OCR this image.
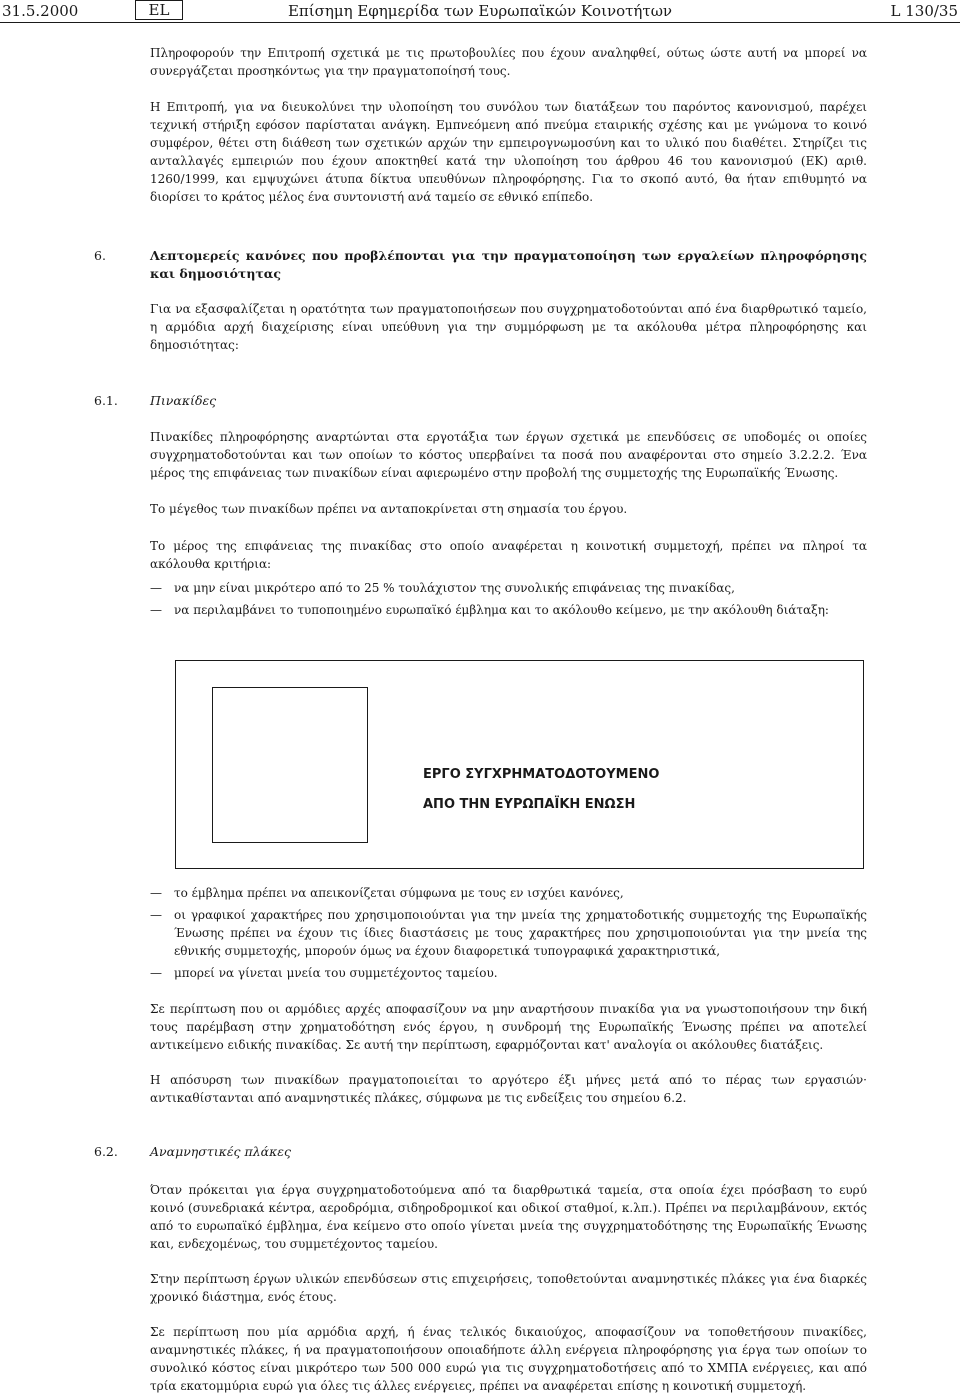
31.5.2000	EL	Επίσημη Εφημερίδα των Ευρωπαϊκών Κοινοτήτων	L 130/35

Πληροφορούν την Επιτροπή σχετικά με τις πρωτοβουλίες που έχουν αναληφθεί, ούτως ώστε αυτή να μπορεί να συνεργάζεται προσηκόντως για την πραγματοποίησή τους.

Η Επιτροπή, για να διευκολύνει την υλοποίηση του συνόλου των διατάξεων του παρόντος κανονισμού, παρέχει τεχνική στήριξη εφόσον παρίσταται ανάγκη. Εμπνεόμενη από πνεύμα εταιρικής σχέσης και με γνώμονα το κοινό συμφέρον, θέτει στη διάθεση των σχετικών αρχών την εμπειρογνωμοσύνη και το υλικό που διαθέτει. Στηρίζει τις ανταλλαγές εμπειριών που έχουν αποκτηθεί κατά την υλοποίηση του άρθρου 46 του κανονισμού (ΕΚ) αριθ. 1260/1999, και εμψυχώνει άτυπα δίκτυα υπευθύνων πληροφόρησης. Για το σκοπό αυτό, θα ήταν επιθυμητό να διορίσει το κράτος μέλος ένα συντονιστή ανά ταμείο σε εθνικό επίπεδο.

6.	Λεπτομερείς κανόνες που προβλέπονται για την πραγματοποίηση των εργαλείων πληροφόρησης και δημοσιότητας

Για να εξασφαλίζεται η ορατότητα των πραγματοποιήσεων που συγχρηματοδοτούνται από ένα διαρθρωτικό ταμείο, η αρμόδια αρχή διαχείρισης είναι υπεύθυνη για την συμμόρφωση με τα ακόλουθα μέτρα πληροφόρησης και δημοσιότητας:

6.1.	Πινακίδες

Πινακίδες πληροφόρησης αναρτώνται στα εργοτάξια των έργων σχετικά με επενδύσεις σε υποδομές οι οποίες συγχρηματοδοτούνται και των οποίων το κόστος υπερβαίνει τα ποσά που αναφέρονται στο σημείο 3.2.2.2. Ένα μέρος της επιφάνειας των πινακίδων είναι αφιερωμένο στην προβολή της συμμετοχής της Ευρωπαϊκής Ένωσης.

Το μέγεθος των πινακίδων πρέπει να ανταποκρίνεται στη σημασία του έργου.

Το μέρος της επιφάνειας της πινακίδας στο οποίο αναφέρεται η κοινοτική συμμετοχή, πρέπει να πληροί τα ακόλουθα κριτήρια:

—	να μην είναι μικρότερο από το 25 % τουλάχιστον της συνολικής επιφάνειας της πινακίδας,
—	να περιλαμβάνει το τυποποιημένο ευρωπαϊκό έμβλημα και το ακόλουθο κείμενο, με την ακόλουθη διάταξη:
ΕΡΓΟ ΣΥΓΧΡΗΜΑΤΟΔΟΤΟΥΜΕΝΟ
ΑΠΟ ΤΗΝ ΕΥΡΩΠΑΪΚΗ ΕΝΩΣΗ
—	το έμβλημα πρέπει να απεικονίζεται σύμφωνα με τους εν ισχύει κανόνες,
—	οι γραφικοί χαρακτήρες που χρησιμοποιούνται για την μνεία της χρηματοδοτικής συμμετοχής της Ευρωπαϊκής Ένωσης πρέπει να έχουν τις ίδιες διαστάσεις με τους χαρακτήρες που χρησιμοποιούνται για την μνεία της εθνικής συμμετοχής, μπορούν όμως να έχουν διαφορετικά τυπογραφικά χαρακτηριστικά,
—	μπορεί να γίνεται μνεία του συμμετέχοντος ταμείου.

Σε περίπτωση που οι αρμόδιες αρχές αποφασίζουν να μην αναρτήσουν πινακίδα για να γνωστοποιήσουν την δική τους παρέμβαση στην χρηματοδότηση ενός έργου, η συνδρομή της Ευρωπαϊκής Ένωσης πρέπει να αποτελεί αντικείμενο ειδικής πινακίδας. Σε αυτή την περίπτωση, εφαρμόζονται κατ' αναλογία οι ακόλουθες διατάξεις.

Η απόσυρση των πινακίδων πραγματοποιείται το αργότερο έξι μήνες μετά από το πέρας των εργασιών· αντικαθίστανται από αναμνηστικές πλάκες, σύμφωνα με τις ενδείξεις του σημείου 6.2.

6.2.	Αναμνηστικές πλάκες

Όταν πρόκειται για έργα συγχρηματοδοτούμενα από τα διαρθρωτικά ταμεία, στα οποία έχει πρόσβαση το ευρύ κοινό (συνεδριακά κέντρα, αεροδρόμια, σιδηροδρομικοί και οδικοί σταθμοί, κ.λπ.). Πρέπει να περιλαμβάνουν, εκτός από το ευρωπαϊκό έμβλημα, ένα κείμενο στο οποίο γίνεται μνεία της συγχρηματοδότησης της Ευρωπαϊκής Ένωσης και, ενδεχομένως, του συμμετέχοντος ταμείου.

Στην περίπτωση έργων υλικών επενδύσεων στις επιχειρήσεις, τοποθετούνται αναμνηστικές πλάκες για ένα διαρκές χρονικό διάστημα, ενός έτους.

Σε περίπτωση που μία αρμόδια αρχή, ή ένας τελικός δικαιούχος, αποφασίζουν να τοποθετήσουν πινακίδες, αναμνηστικές πλάκες, ή να πραγματοποιήσουν οποιαδήποτε άλλη ενέργεια πληροφόρησης για έργα των οποίων το συνολικό κόστος είναι μικρότερο των 500 000 ευρώ για τις συγχρηματοδοτήσεις από το ΧΜΠΑ ενέργειες, και από τρία εκατομμύρια ευρώ για όλες τις άλλες ενέργειες, πρέπει να αναφέρεται επίσης η κοινοτική συμμετοχή.
